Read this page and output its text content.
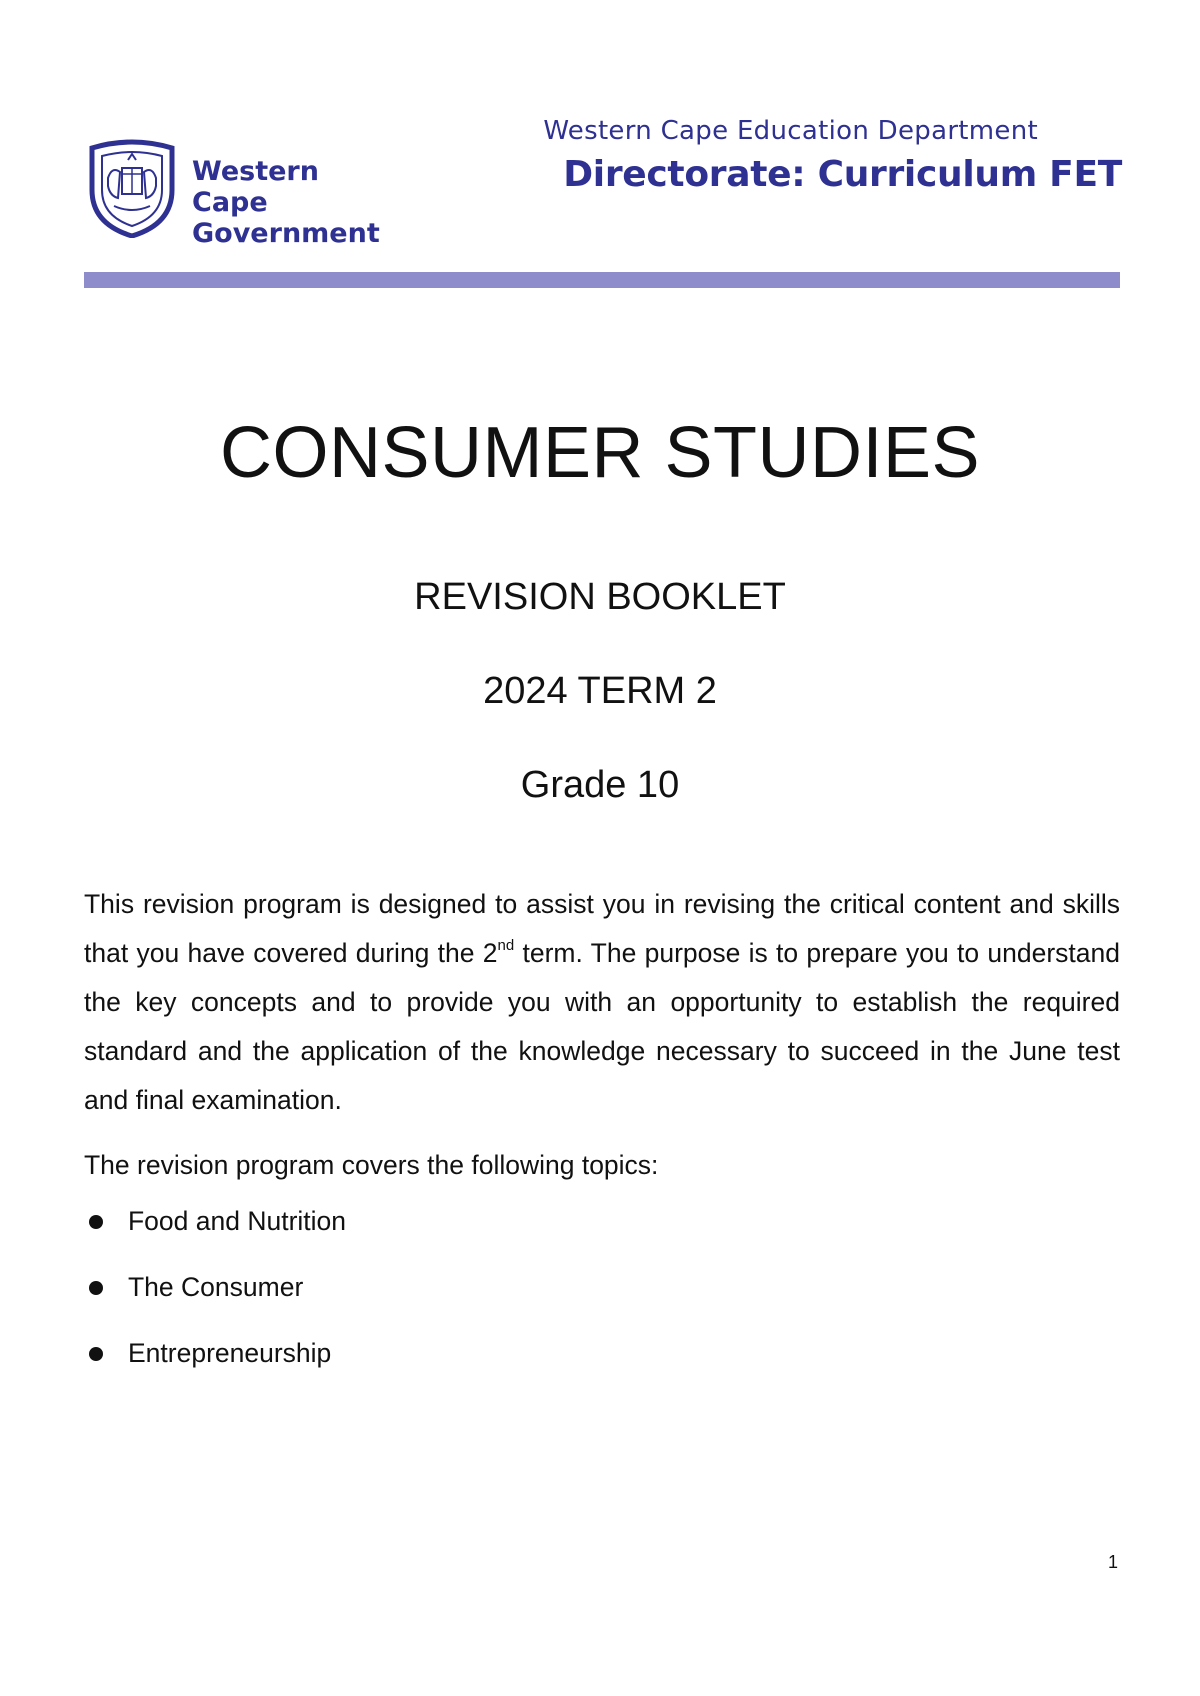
Western Cape
Government
Western Cape Education Department
Directorate: Curriculum FET
CONSUMER STUDIES
REVISION BOOKLET
2024 TERM 2
Grade 10

This revision program is designed to assist you in revising the critical content and skills that you have covered during the 2nd term. The purpose is to prepare you to understand the key concepts and to provide you with an opportunity to establish the required standard and the application of the knowledge necessary to succeed in the June test and final examination.

The revision program covers the following topics:
Food and Nutrition
The Consumer
Entrepreneurship
1
